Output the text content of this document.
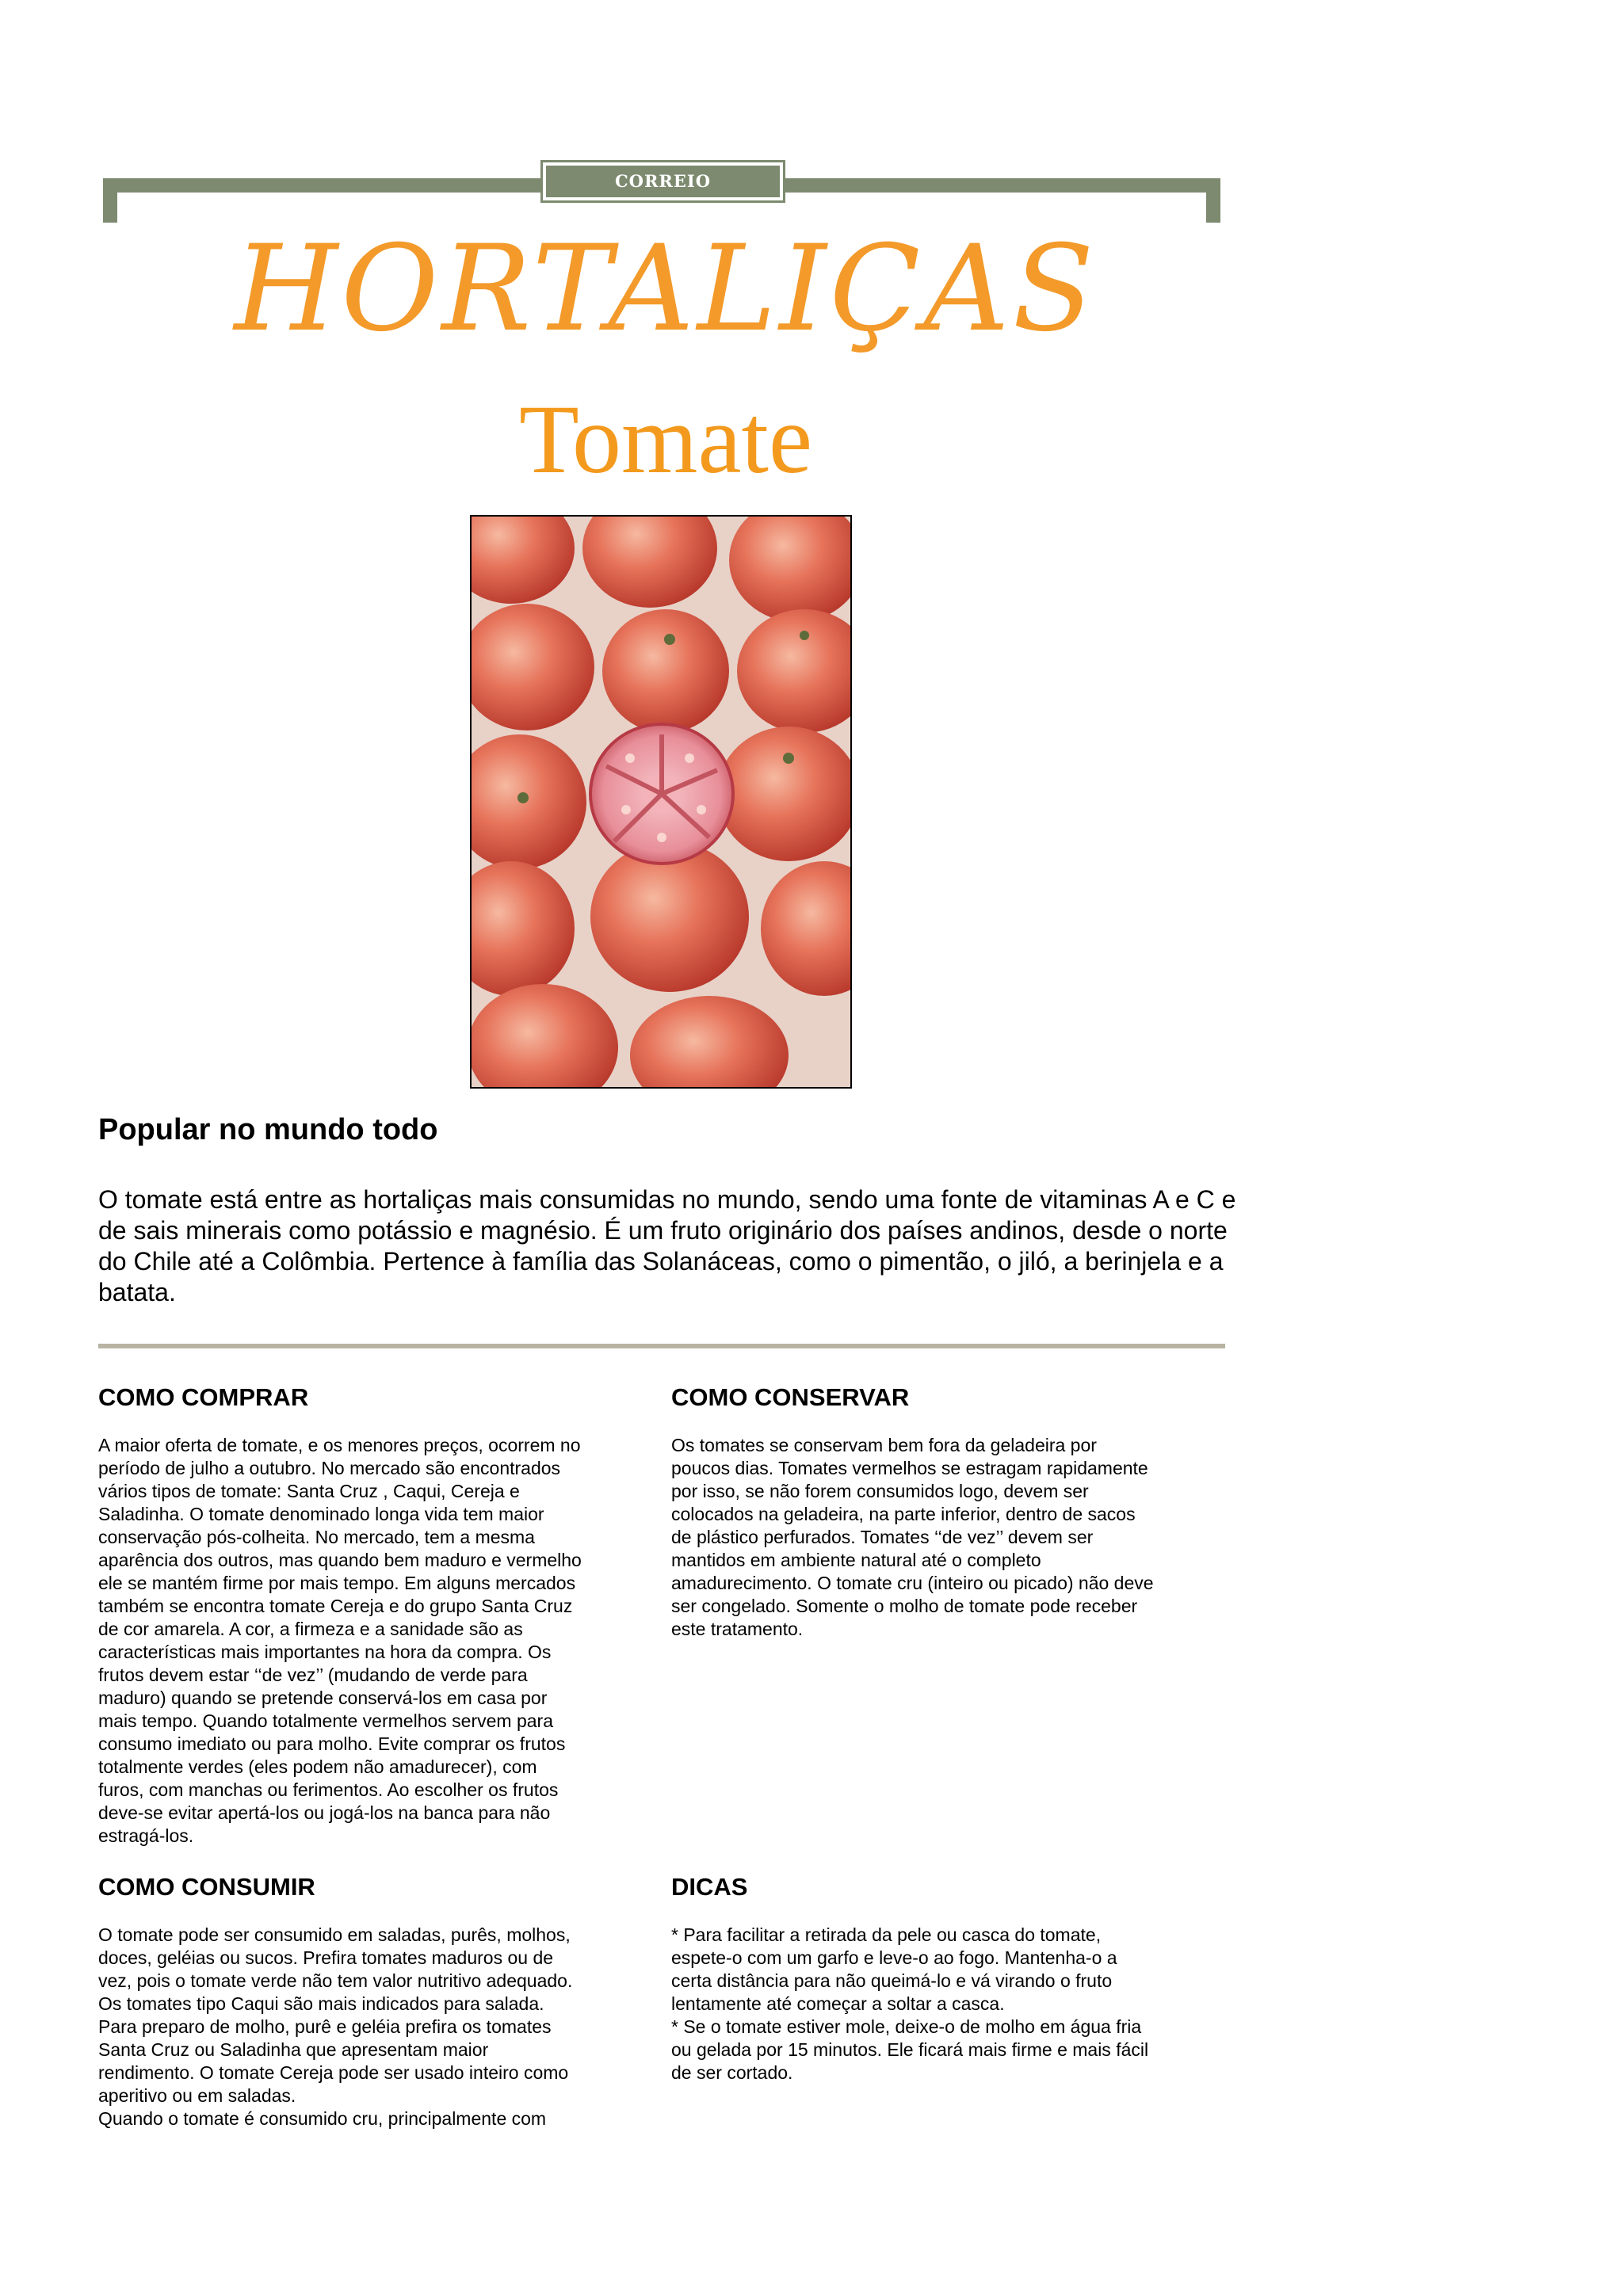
CORREIO BRAZILIENSE
HORTALIÇAS
Tomate
Popular no mundo todo
O tomate está entre as hortaliças mais consumidas no mundo, sendo uma fonte de vitaminas A e C e de sais minerais como potássio e magnésio. É um fruto originário dos países andinos, desde o norte do Chile até a Colômbia. Pertence à família das Solanáceas, como o pimentão, o jiló, a berinjela e a batata.
COMO COMPRAR
A maior oferta de tomate, e os menores preços, ocorrem no
período de julho a outubro. No mercado são encontrados
vários tipos de tomate: Santa Cruz , Caqui, Cereja e
Saladinha. O tomate denominado longa vida tem maior
conservação pós-colheita. No mercado, tem a mesma
aparência dos outros, mas quando bem maduro e vermelho
ele se mantém firme por mais tempo. Em alguns mercados
também se encontra tomate Cereja e do grupo Santa Cruz
de cor amarela. A cor, a firmeza e a sanidade são as
características mais importantes na hora da compra. Os
frutos devem estar ‘‘de vez’’ (mudando de verde para
maduro) quando se pretende conservá-los em casa por
mais tempo. Quando totalmente vermelhos servem para
consumo imediato ou para molho. Evite comprar os frutos
totalmente verdes (eles podem não amadurecer), com
furos, com manchas ou ferimentos. Ao escolher os frutos
deve-se evitar apertá-los ou jogá-los na banca para não
estragá-los.
COMO CONSERVAR
Os tomates se conservam bem fora da geladeira por
poucos dias. Tomates vermelhos se estragam rapidamente
por isso, se não forem consumidos logo, devem ser
colocados na geladeira, na parte inferior, dentro de sacos
de plástico perfurados. Tomates ‘‘de vez’’ devem ser
mantidos em ambiente natural até o completo
amadurecimento. O tomate cru (inteiro ou picado) não deve
ser congelado. Somente o molho de tomate pode receber
este tratamento.
COMO CONSUMIR
O tomate pode ser consumido em saladas, purês, molhos,
doces, geléias ou sucos. Prefira tomates maduros ou de
vez, pois o tomate verde não tem valor nutritivo adequado.
Os tomates tipo Caqui são mais indicados para salada.
Para preparo de molho, purê e geléia prefira os tomates
Santa Cruz ou Saladinha que apresentam maior
rendimento. O tomate Cereja pode ser usado inteiro como
aperitivo ou em saladas.
Quando o tomate é consumido cru, principalmente com
DICAS
* Para facilitar a retirada da pele ou casca do tomate,
espete-o com um garfo e leve-o ao fogo. Mantenha-o a
certa distância para não queimá-lo e vá virando o fruto
lentamente até começar a soltar a casca.
* Se o tomate estiver mole, deixe-o de molho em água fria
ou gelada por 15 minutos. Ele ficará mais firme e mais fácil
de ser cortado.
